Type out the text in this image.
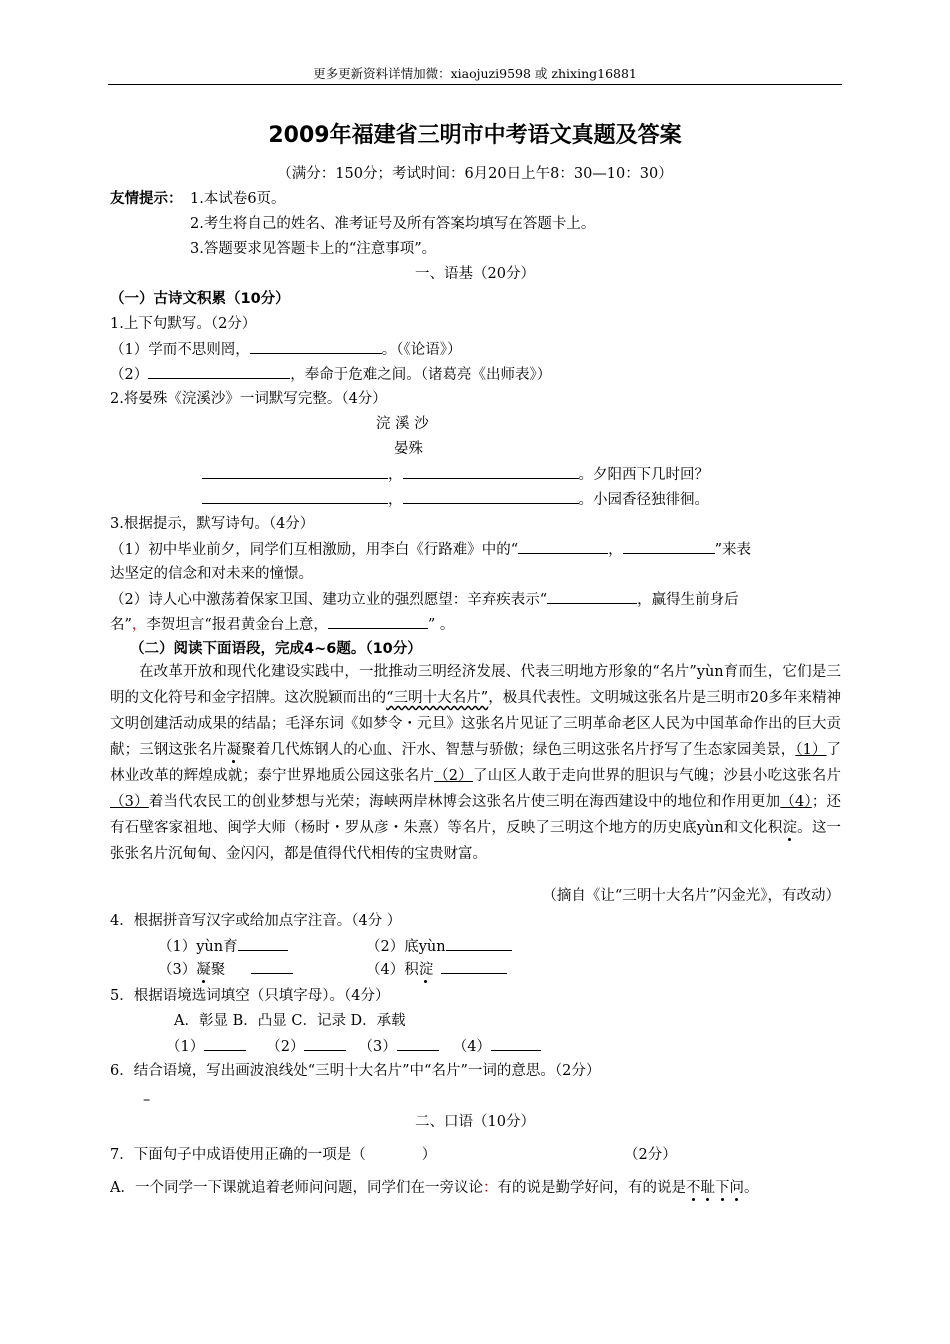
更多更新资料详情加微：xiaojuzi9598 或 zhixing16881
2009年福建省三明市中考语文真题及答案
（满分：150分；考试时间：6月20日上午8：30—10：30）
友情提示： 1.本试卷6页。
2.考生将自己的姓名、准考证号及所有答案均填写在答题卡上。
3.答题要求见答题卡上的“注意事项”。
一、语基（20分）
（一）古诗文积累（10分）
1.上下句默写。（2分）
（1）学而不思则罔，	。（《论语》）
（2）	，奉命于危难之间。（诸葛亮《出师表》）
2.将晏殊《浣溪沙》一词默写完整。（4分）
浣 溪 沙
晏殊
，	。夕阳西下几时回？
，	。小园香径独徘徊。
3.根据提示，默写诗句。（4分）
（1）初中毕业前夕，同学们互相激励，用李白《行路难》中的“	，	”来表
达坚定的信念和对未来的憧憬。
（2）诗人心中激荡着保家卫国、建功立业的强烈愿望：辛弃疾表示“	，赢得生前身后
名”，李贺坦言“报君黄金台上意，	” 。
（二）阅读下面语段，完成4~6题。（10分）
在改革开放和现代化建设实践中，一批推动三明经济发展、代表三明地方形象的“名片”yùn育而生，它们是三明的文化符号和金字招牌。这次脱颖而出的“三明十大名片”，极具代表性。文明城这张名片是三明市20多年来精神文明创建活动成果的结晶；毛泽东词《如梦令・元旦》这张名片见证了三明革命老区人民为中国革命作出的巨大贡献；三钢这张名片凝聚着几代炼钢人的心血、汗水、智慧与骄傲；绿色三明这张名片抒写了生态家园美景，（1）了林业改革的辉煌成就；泰宁世界地质公园这张名片（2）了山区人敢于走向世界的胆识与气魄；沙县小吃这张名片（3）着当代农民工的创业梦想与光荣；海峡两岸林博会这张名片使三明在海西建设中的地位和作用更加（4）；还有石壁客家祖地、闽学大师（杨时・罗从彦・朱熹）等名片，反映了三明这个地方的历史底yùn和文化积淀。这一张张名片沉甸甸、金闪闪，都是值得代代相传的宝贵财富。
（摘自《让“三明十大名片”闪金光》，有改动）
4．根据拼音写汉字或给加点字注音。（4分 ）
（1）yùn育	（2）底yùn
（3）凝聚	（4）积淀
5．根据语境选词填空（只填字母）。（4分）
A．彰显 B．凸显 C．记录 D．承载
（1）	（2）	（3）	（4）
6．结合语境，写出画波浪线处“三明十大名片”中“名片”一词的意思。（2分）
–
二、口语（10分）
7．下面句子中成语使用正确的一项是（	）	（2分）
A．一个同学一下课就追着老师问问题，同学们在一旁议论：有的说是勤学好问，有的说是不耻下问。
